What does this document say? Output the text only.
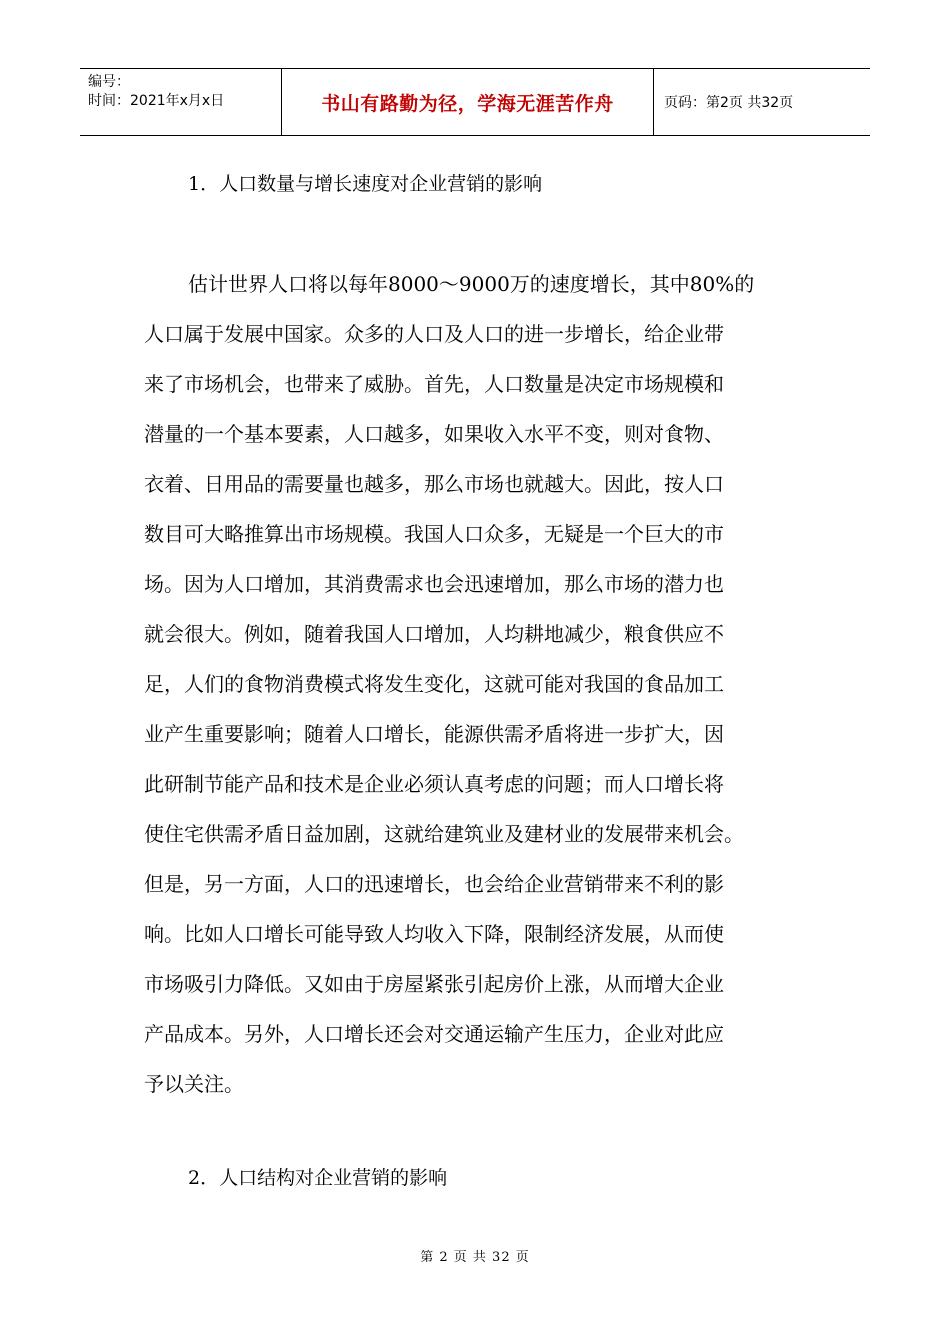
编号：
时间：2021年x月x日	书山有路勤为径，学海无涯苦作舟	页码：第2页 共32页
1．人口数量与增长速度对企业营销的影响
估计世界人口将以每年8000～9000万的速度增长，其中80%的
人口属于发展中国家。众多的人口及人口的进一步增长，给企业带
来了市场机会，也带来了威胁。首先，人口数量是决定市场规模和
潜量的一个基本要素，人口越多，如果收入水平不变，则对食物、
衣着、日用品的需要量也越多，那么市场也就越大。因此，按人口
数目可大略推算出市场规模。我国人口众多，无疑是一个巨大的市
场。因为人口增加，其消费需求也会迅速增加，那么市场的潜力也
就会很大。例如，随着我国人口增加，人均耕地减少，粮食供应不
足，人们的食物消费模式将发生变化，这就可能对我国的食品加工
业产生重要影响；随着人口增长，能源供需矛盾将进一步扩大，因
此研制节能产品和技术是企业必须认真考虑的问题；而人口增长将
使住宅供需矛盾日益加剧，这就给建筑业及建材业的发展带来机会。
但是，另一方面，人口的迅速增长，也会给企业营销带来不利的影
响。比如人口增长可能导致人均收入下降，限制经济发展，从而使
市场吸引力降低。又如由于房屋紧张引起房价上涨，从而增大企业
产品成本。另外，人口增长还会对交通运输产生压力，企业对此应
予以关注。
2．人口结构对企业营销的影响
第 2 页 共 32 页
